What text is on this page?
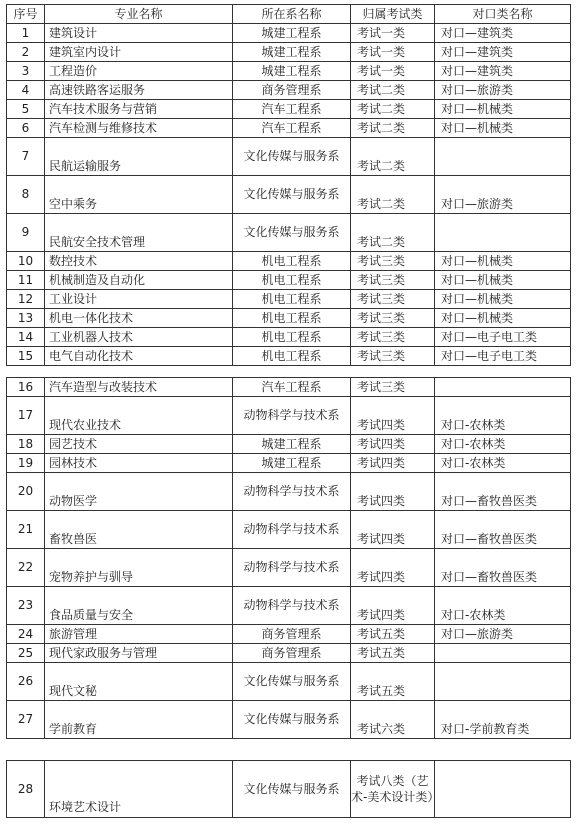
序号	专业名称	所在系名称	归属考试类	对口类名称
1	建筑设计	城建工程系	考试一类	对口—建筑类
2	建筑室内设计	城建工程系	考试一类	对口—建筑类
3	工程造价	城建工程系	考试一类	对口—建筑类
4	高速铁路客运服务	商务管理系	考试二类	对口—旅游类
5	汽车技术服务与营销	汽车工程系	考试二类	对口—机械类
6	汽车检测与维修技术	汽车工程系	考试二类	对口—机械类
7	民航运输服务	文化传媒与服务系	考试二类	
8	空中乘务	文化传媒与服务系	考试二类	对口—旅游类
9	民航安全技术管理	文化传媒与服务系	考试二类	
10	数控技术	机电工程系	考试三类	对口—机械类
11	机械制造及自动化	机电工程系	考试三类	对口—机械类
12	工业设计	机电工程系	考试三类	对口—机械类
13	机电一体化技术	机电工程系	考试三类	对口—机械类
14	工业机器人技术	机电工程系	考试三类	对口—电子电工类
15	电气自动化技术	机电工程系	考试三类	对口—电子电工类
16	汽车造型与改装技术	汽车工程系	考试三类	
17	现代农业技术	动物科学与技术系	考试四类	对口-农林类
18	园艺技术	城建工程系	考试四类	对口-农林类
19	园林技术	城建工程系	考试四类	对口-农林类
20	动物医学	动物科学与技术系	考试四类	对口—畜牧兽医类
21	畜牧兽医	动物科学与技术系	考试四类	对口—畜牧兽医类
22	宠物养护与驯导	动物科学与技术系	考试四类	对口—畜牧兽医类
23	食品质量与安全	动物科学与技术系	考试四类	对口-农林类
24	旅游管理	商务管理系	考试五类	对口—旅游类
25	现代家政服务与管理	商务管理系	考试五类	
26	现代文秘	文化传媒与服务系	考试五类	
27	学前教育	文化传媒与服务系	考试六类	对口-学前教育类
28	环境艺术设计	文化传媒与服务系	考试八类（艺术-美术设计类）	
